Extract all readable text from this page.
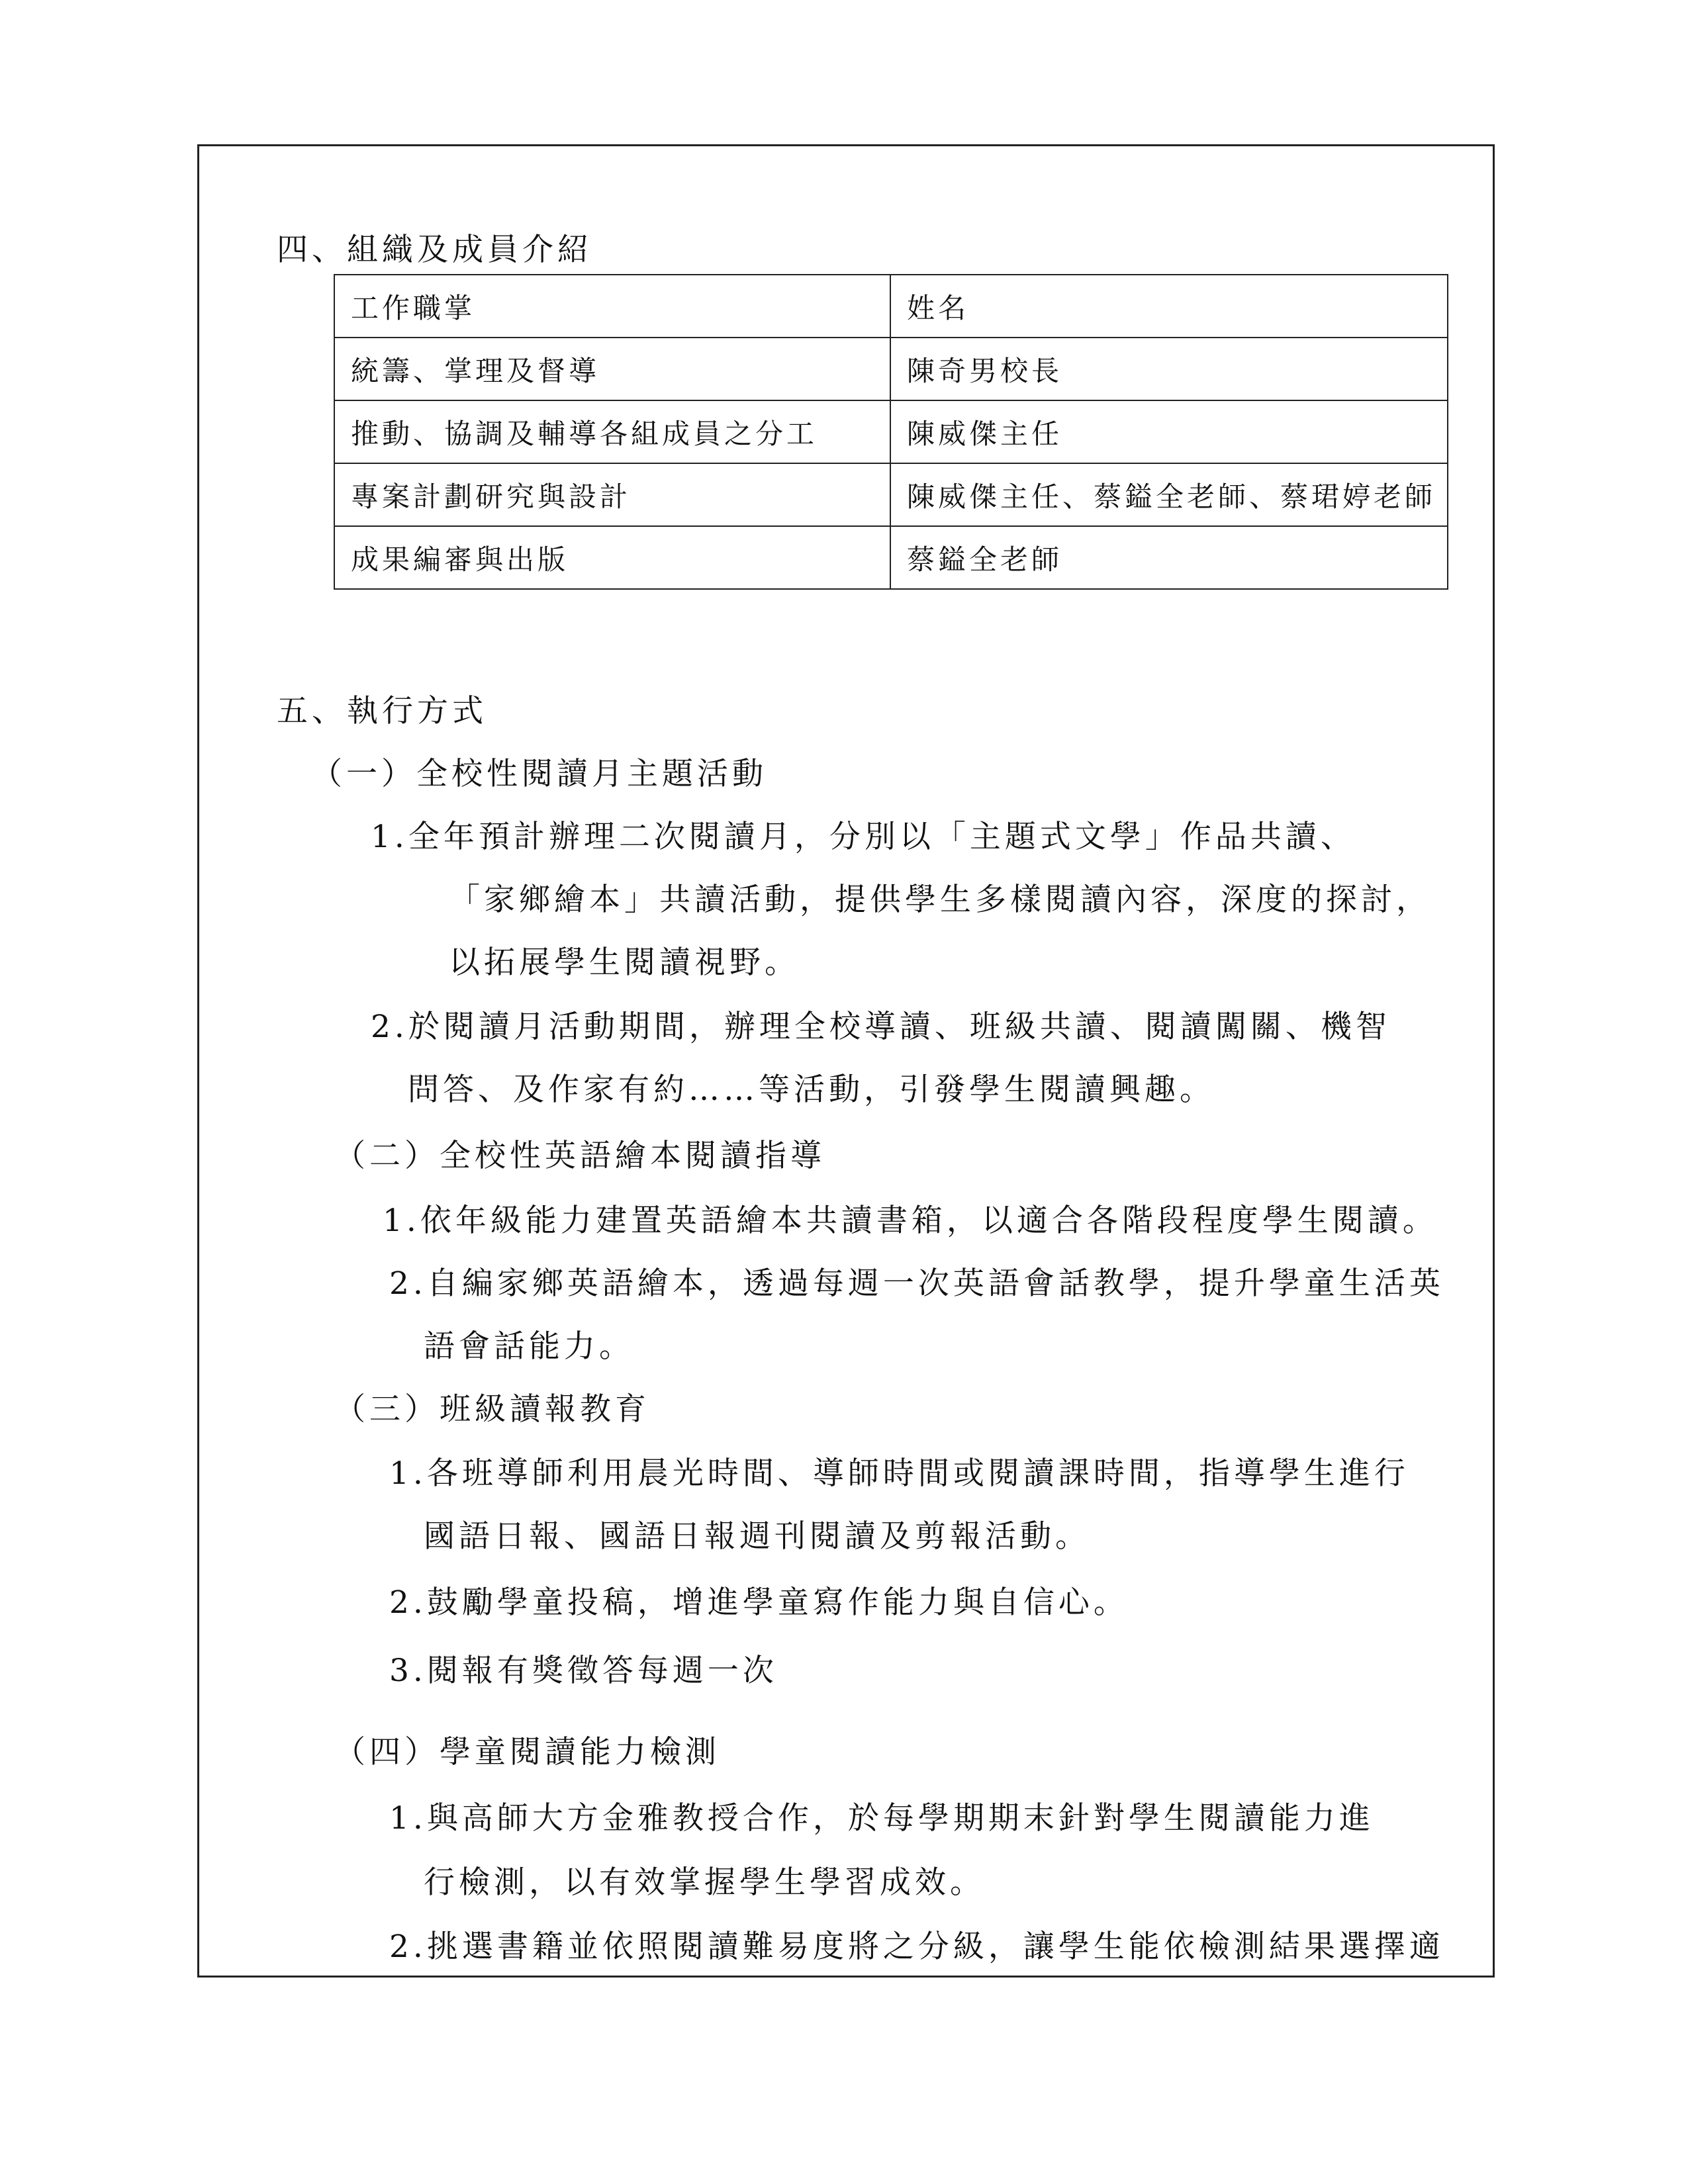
四、組織及成員介紹
工作職掌	姓名
統籌、掌理及督導	陳奇男校長
推動、協調及輔導各組成員之分工	陳威傑主任
專案計劃研究與設計	陳威傑主任、蔡鎰全老師、蔡珺婷老師
成果編審與出版	蔡鎰全老師
五、執行方式
（一）全校性閱讀月主題活動
1.全年預計辦理二次閱讀月，分別以「主題式文學」作品共讀、
「家鄉繪本」共讀活動，提供學生多樣閱讀內容，深度的探討，
以拓展學生閱讀視野。
2.於閱讀月活動期間，辦理全校導讀、班級共讀、閱讀闖關、機智
問答、及作家有約……等活動，引發學生閱讀興趣。
（二）全校性英語繪本閱讀指導
1.依年級能力建置英語繪本共讀書箱，以適合各階段程度學生閱讀。
2.自編家鄉英語繪本，透過每週一次英語會話教學，提升學童生活英
語會話能力。
（三）班級讀報教育
1.各班導師利用晨光時間、導師時間或閱讀課時間，指導學生進行
國語日報、國語日報週刊閱讀及剪報活動。
2.鼓勵學童投稿，增進學童寫作能力與自信心。
3.閱報有獎徵答每週一次
（四）學童閱讀能力檢測
1.與高師大方金雅教授合作，於每學期期末針對學生閱讀能力進
行檢測，以有效掌握學生學習成效。
2.挑選書籍並依照閱讀難易度將之分級，讓學生能依檢測結果選擇適
